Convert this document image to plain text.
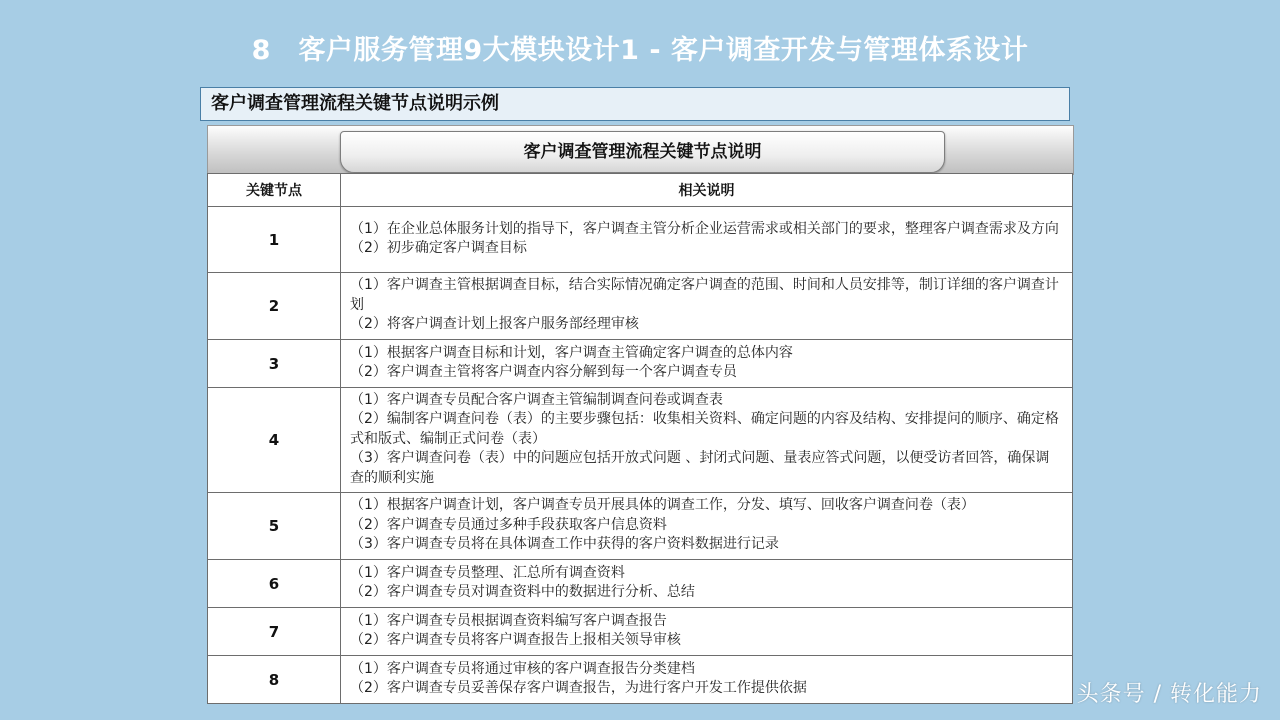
8　客户服务管理9大模块设计1 - 客户调查开发与管理体系设计
客户调查管理流程关键节点说明示例
客户调查管理流程关键节点说明
关键节点	相关说明
1	（1）在企业总体服务计划的指导下，客户调查主管分析企业运营需求或相关部门的要求，整理客户调查需求及方向
（2）初步确定客户调查目标

2	（1）客户调查主管根据调查目标，结合实际情况确定客户调查的范围、时间和人员安排等，制订详细的客户调查计划
（2）将客户调查计划上报客户服务部经理审核

3	（1）根据客户调查目标和计划，客户调查主管确定客户调查的总体内容
（2）客户调查主管将客户调查内容分解到每一个客户调查专员

4	（1）客户调查专员配合客户调查主管编制调查问卷或调查表
（2）编制客户调查问卷（表）的主要步骤包括：收集相关资料、确定问题的内容及结构、安排提问的顺序、确定格式和版式、编制正式问卷（表）
（3）客户调查问卷（表）中的问题应包括开放式问题 、封闭式问题、量表应答式问题，以便受访者回答，确保调查的顺利实施

5	（1）根据客户调查计划，客户调查专员开展具体的调查工作，分发、填写、回收客户调查问卷（表）
（2）客户调查专员通过多种手段获取客户信息资料
（3）客户调查专员将在具体调查工作中获得的客户资料数据进行记录

6	（1）客户调查专员整理、汇总所有调查资料
（2）客户调查专员对调查资料中的数据进行分析、总结

7	（1）客户调查专员根据调查资料编写客户调查报告
（2）客户调查专员将客户调查报告上报相关领导审核

8	（1）客户调查专员将通过审核的客户调查报告分类建档
（2）客户调查专员妥善保存客户调查报告，为进行客户开发工作提供依据	头条号 / 转化能力
